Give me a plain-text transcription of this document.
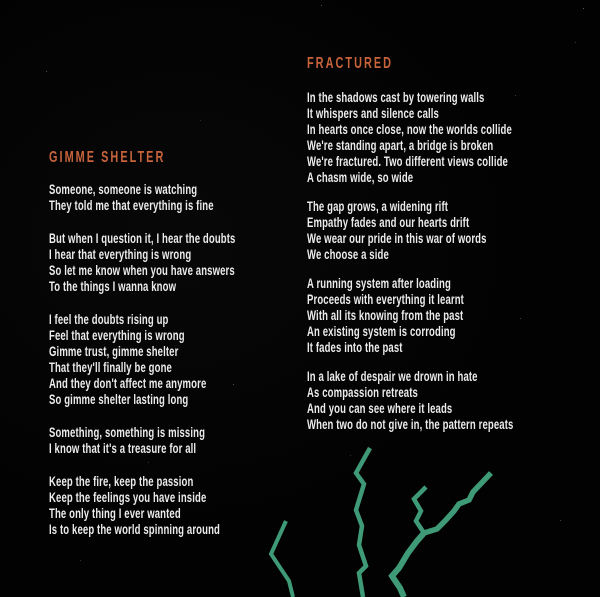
GIMME SHELTER
Someone, someone is watching
They told me that everything is fine
But when I question it, I hear the doubts
I hear that everything is wrong
So let me know when you have answers
To the things I wanna know
I feel the doubts rising up
Feel that everything is wrong
Gimme trust, gimme shelter
That they'll finally be gone
And they don't affect me anymore
So gimme shelter lasting long
Something, something is missing
I know that it's a treasure for all
Keep the fire, keep the passion
Keep the feelings you have inside
The only thing I ever wanted
Is to keep the world spinning around
FRACTURED
In the shadows cast by towering walls
It whispers and silence calls
In hearts once close, now the worlds collide
We're standing apart, a bridge is broken
We're fractured. Two different views collide
A chasm wide, so wide
The gap grows, a widening rift
Empathy fades and our hearts drift
We wear our pride in this war of words
We choose a side
A running system after loading
Proceeds with everything it learnt
With all its knowing from the past
An existing system is corroding
It fades into the past
In a lake of despair we drown in hate
As compassion retreats
And you can see where it leads
When two do not give in, the pattern repeats
